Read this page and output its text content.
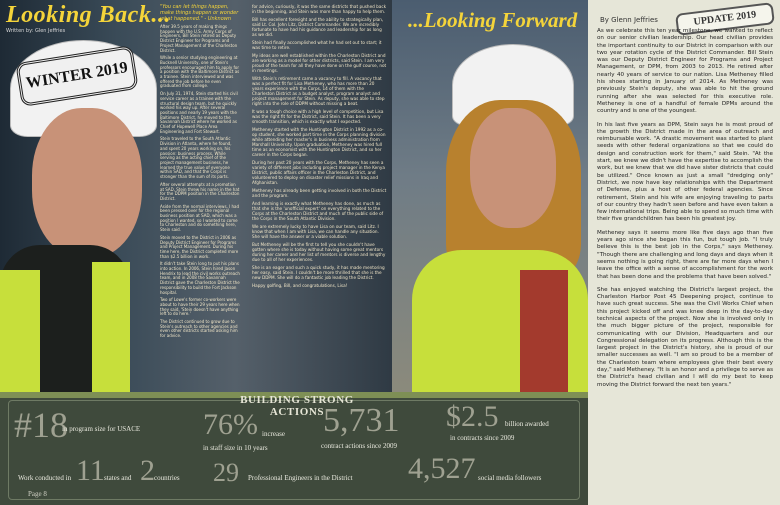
Looking Back...
Written by: Glen Jeffries
WINTER 2019
"You can let things happen, make things happen or wonder what happened." - Unknown

After 39.5 years of making things happen with the U.S. Army Corps of Engineers, Bill Stein retired as Deputy District Engineer for Programs and Project Management of the Charleston District.

While a senior studying engineering at Bucknell University, one of Stein's professors encouraged him to apply for a position with the Baltimore District as a trainee. Stein interviewed and was offered the job before he even graduated from college.

On July 31, 1974, Stein started his civil service career as a trainee with the structural design team, but he quickly worked his way up. After several positions and nearly 19 years with the Baltimore District, he moved to the Savannah District where he worked as Chief of Hopewell Place Area Engineering and Fort Stewart.

Stein traveled to the South Atlantic Division in Atlanta, where he found, and spent 20 years working on, his passion: business process. While serving as the acting chief of the project management business, he learned the true value of everyone within SAD, and that the Corps is stronger than the sum of its parts.

After several attempts at a promotion at SAD, Stein threw his name in the hat for the DDPM position in the Charleston District.

Aside from the normal interviews, I had been pressed over for the regional business position at SAD, which was a position I wanted, so I wanted to come to Charleston and do something here, Stein said.

Stein moved to the District in 2006 as Deputy District Engineer for Programs and Project Management. During his time here, the District completed more than $2.5 billion in work.

It didn't take Stein long to put his plans into action. In 2006, Stein hired Jason Hendrix to lead the civil works outreach team, and in 2008 the Savannah District gave the Charleston District the responsibility to build the Fort Jackson hospital.

Two of Lowe's former co-workers were about to have their 29 years here when they said, 'Stein doesn't have anything left to do here.'

The District continued to grow due to Stein's outreach to other agencies and even other districts started asking him for advice.

for advice, curiously, it was the same districts that pushed back in the beginning, and Stein was more than happy to help them.

Bill has excellent foresight and the ability to strategically plan, said Lt. Col. John Litz, District Commander. We are incredibly fortunate to have had his guidance and leadership for as long as we did.

Stein had finally accomplished what he had set out to start; it was time to retire.

My ideas are well established within the Charleston District and are working as a model for other districts, said Stein. I am very proud of the team for all they have done on the gulf course, not in meetings.

With Stein's retirement came a vacancy to fill. A vacancy that was a perfect fit for Lisa Metheney, who has more than 20 years experience with the Corps, 14 of them with the Charleston District as a budget analyst, program analyst and project management for Stein. As deputy, she was able to step right into the role of DDPM without missing a beat.

It was a tough choice with a high level of competition, but Lisa was the right fit for the District, said Stein. It has been a very smooth transition, which is exactly what I expected.

Metheney started with the Huntington District in 1992 as a co-op student, she worked part time in the Corps planning division while attending her master's in business administration from Marshall University. Upon graduation, Metheney was hired full time as an economist with the Huntington District, and so her career in the Corps began.

During her past 20 years with the Corps, Metheney has seen a variety of different jobs including project manager in the Kenya District, public affairs officer in the Charleston District, and volunteered to deploy on disaster relief missions in Iraq and Afghanistan.

Metheney has already been getting involved in both the District and the program.

And learning is exactly what Metheney has done, as much as that she is the 'unofficial expert' on everything related to the Corps at the Charleston District and much of the public side of the Corps in the South Atlantic Division.

We are extremely lucky to have Lisa on our team, said Litz. I know that when I am with Lisa, we can handle any situation. She will have the answer or a viable solution.

But Metheney will be the first to tell you she couldn't have gotten where she is today without having some great mentors during her career and her list of mentors is diverse and lengthy due to all of her experiences.

She is an eager and such a quick study, it has made mentoring her easy, said Stein. I couldn't be more thrilled that she is the new DDPM. She will do a fantastic job leading the District.

Happy golfing, Bill, and congratulations, Lisa!

...Looking Forward	UPDATE 2019
By Glenn Jeffries

As we celebrate this ten year milestone, we wanted to reflect on our senior civilian leadership. Our head civilian provides the important continuity to our District in comparison with our two year rotation cycle of the District Commander. Bill Stein was our Deputy District Engineer for Programs and Project Management, or DPM, from 2003 to 2013. He retired after nearly 40 years of service to our nation. Lisa Metheney filled his shoes starting in January of 2014. As Metheney was previously Stein's deputy, she was able to hit the ground running after she was selected for this executive role. Metheney is one of a handful of female DPMs around the country and is one of the youngest.

In his last five years as DPM, Stein says he is most proud of the growth the District made in the area of outreach and reimbursable work. "A drastic movement was started to plant seeds with other federal organizations so that we could do design and construction work for them," said Stein. "At the start, we knew we didn't have the expertise to accomplish the work, but we knew that we did have sister districts that could be utilized." Once known as just a small "dredging only" District, we now have key relationships with the Department of Defense, plus a host of other federal agencies. Since retirement, Stein and his wife are enjoying traveling to parts of our country they hadn't seen before and have even taken a few international trips. Being able to spend so much time with their five grandchildren has been his greatest joy.

Metheney says it seems more like five days ago than five years ago since she began this fun, but tough job. "I truly believe this is the best job in the Corps," says Metheney. "Though there are challenging and long days and days when it seems nothing is going right, there are far more days when I leave the office with a sense of accomplishment for the work that has been done and the problems that have been solved."

She has enjoyed watching the District's largest project, the Charleston Harbor Post 45 Deepening project, continue to have such great success. She was the Civil Works Chief when this project kicked off and was knee deep in the day-to-day technical aspects of the project. Now she is involved only in the much bigger picture of the project, responsible for communicating with our Division, Headquarters and our Congressional delegation on its progress. Although this is the largest project in the District's history, she is proud of our smaller successes as well. "I am so proud to be a member of the Charleston team where employees give their best every day," said Metheney. "It is an honor and a privilege to serve as the District's head civilian and I will do my best to keep moving the District forward the next ten years."

BUILDING STRONG ACTIONS
#18
in program size for USACE 76% increase
in staff size in 10 years
5,731
contract actions since 2009
Work conducted in 11 states and 2 countries 29 Professional Engineers in the District
$2.5 billion awarded
in contracts since 2009
4,527 social media followers
Page 8
